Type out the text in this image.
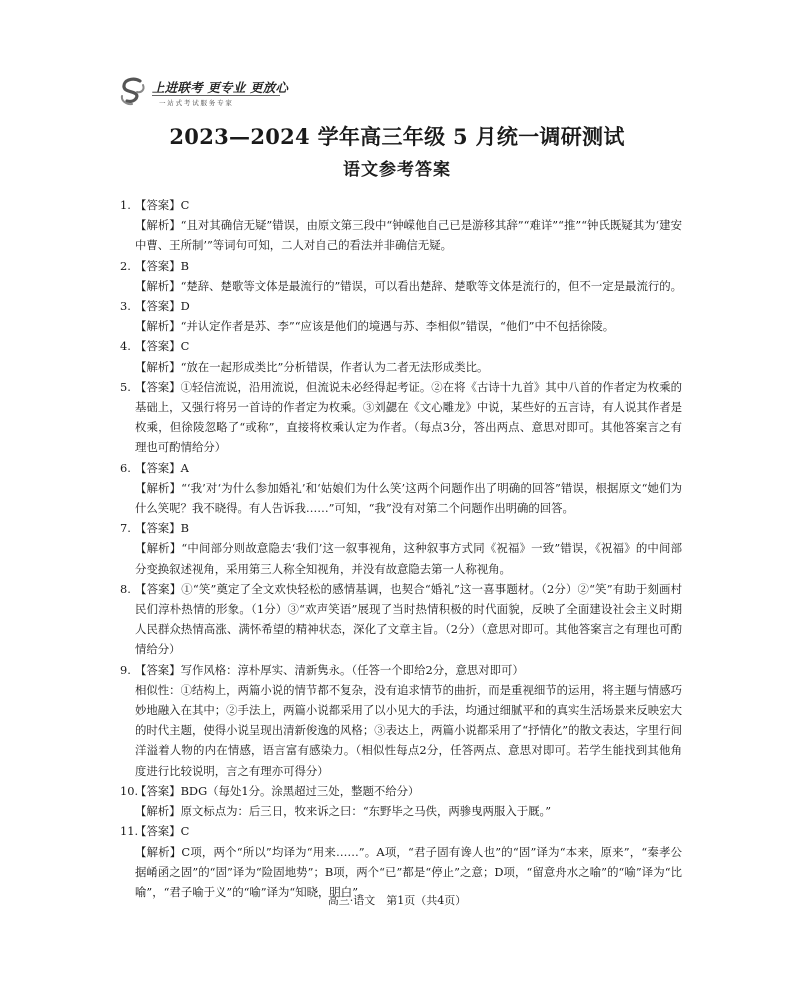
上进联考 更专业 更放心
一站式考试服务专家
2023—2024 学年高三年级 5 月统一调研测试
语文参考答案
1. 【答案】C
【解析】“且对其确信无疑”错误，由原文第三段中“钟嵘他自己已是游移其辞”“难详”“推”“钟氏既疑其为‘建安中曹、王所制’”等词句可知，二人对自己的看法并非确信无疑。
2. 【答案】B
【解析】“楚辞、楚歌等文体是最流行的”错误，可以看出楚辞、楚歌等文体是流行的，但不一定是最流行的。
3. 【答案】D
【解析】“并认定作者是苏、李”“应该是他们的境遇与苏、李相似”错误，“他们”中不包括徐陵。
4. 【答案】C
【解析】“放在一起形成类比”分析错误，作者认为二者无法形成类比。
5. 【答案】①轻信流说，沿用流说，但流说未必经得起考证。②在将《古诗十九首》其中八首的作者定为枚乘的基础上，又强行将另一首诗的作者定为枚乘。③刘勰在《文心雕龙》中说，某些好的五言诗，有人说其作者是枚乘，但徐陵忽略了“或称”，直接将枚乘认定为作者。（每点3分，答出两点、意思对即可。其他答案言之有理也可酌情给分）
6. 【答案】A
【解析】“‘我’对‘为什么参加婚礼’和‘姑娘们为什么笑’这两个问题作出了明确的回答”错误，根据原文“她们为什么笑呢？我不晓得。有人告诉我……”可知，“我”没有对第二个问题作出明确的回答。
7. 【答案】B
【解析】“中间部分则故意隐去‘我们’这一叙事视角，这种叙事方式同《祝福》一致”错误，《祝福》的中间部分变换叙述视角，采用第三人称全知视角，并没有故意隐去第一人称视角。
8. 【答案】①“笑”奠定了全文欢快轻松的感情基调，也契合“婚礼”这一喜事题材。（2分）②“笑”有助于刻画村民们淳朴热情的形象。（1分）③“欢声笑语”展现了当时热情积极的时代面貌，反映了全面建设社会主义时期人民群众热情高涨、满怀希望的精神状态，深化了文章主旨。（2分）（意思对即可。其他答案言之有理也可酌情给分）
9. 【答案】写作风格：淳朴厚实、清新隽永。（任答一个即给2分，意思对即可）
相似性：①结构上，两篇小说的情节都不复杂，没有追求情节的曲折，而是重视细节的运用，将主题与情感巧妙地融入在其中；②手法上，两篇小说都采用了以小见大的手法，均通过细腻平和的真实生活场景来反映宏大的时代主题，使得小说呈现出清新俊逸的风格；③表达上，两篇小说都采用了“抒情化”的散文表达，字里行间洋溢着人物的内在情感，语言富有感染力。（相似性每点2分，任答两点、意思对即可。若学生能找到其他角度进行比较说明，言之有理亦可得分）
10.
【答案】BDG（每处1分。涂黑超过三处，整题不给分）
【解析】原文标点为：后三日，牧来诉之曰：“东野毕之马佚，两骖曳两服入于厩。”
11.
【答案】C
【解析】C项，两个“所以”均译为“用来……”。A项，“君子固有谗人也”的“固”译为“本来，原来”，“秦孝公据崤函之固”的“固”译为“险固地势”；B项，两个“已”都是“停止”之意；D项，“留意舟水之喻”的“喻”译为“比喻”，“君子喻于义”的“喻”译为“知晓，明白”。
高三·语文　第1页（共4页）
